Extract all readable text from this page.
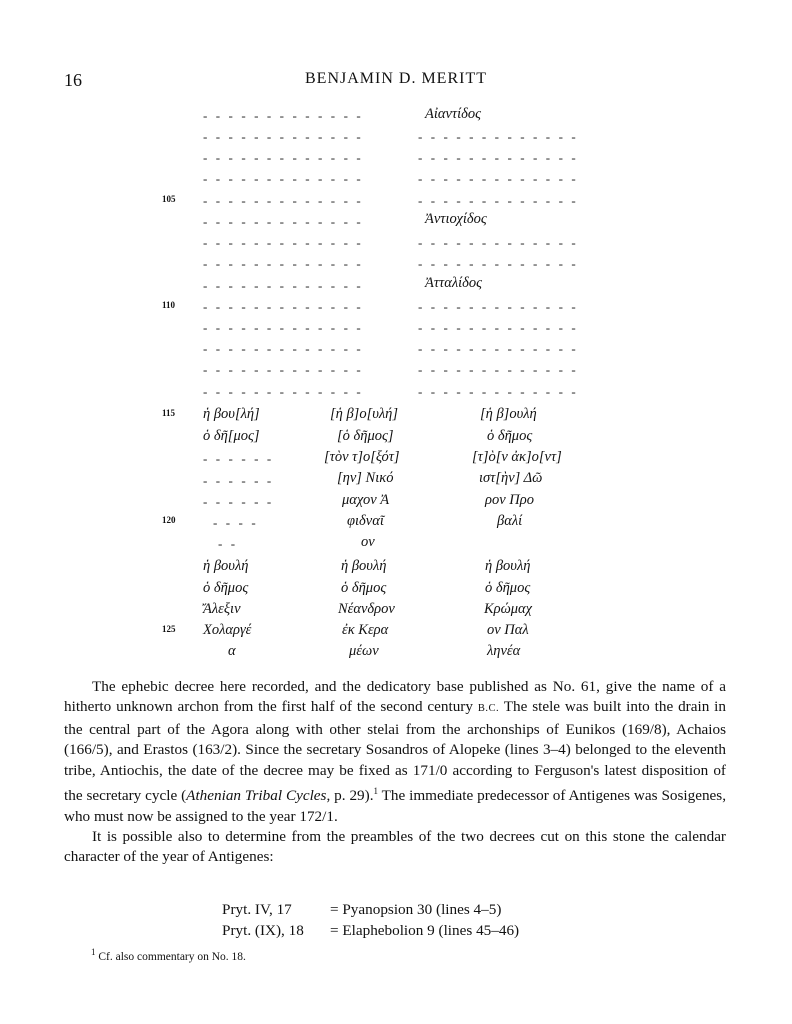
16	BENJAMIN D. MERITT
105
110
115
120
125
- - - - - - - - - - - - -
- - - - - - - - - - - - -
- - - - - - - - - - - - -
- - - - - - - - - - - - -
- - - - - - - - - - - - -
- - - - - - - - - - - - -
- - - - - - - - - - - - -
- - - - - - - - - - - - -
- - - - - - - - - - - - -
- - - - - - - - - - - - -
- - - - - - - - - - - - -
- - - - - - - - - - - - -
- - - - - - - - - - - - -
- - - - - - - - - - - - -
Αἰαντίδος
- - - - - - - - - - - - -
- - - - - - - - - - - - -
- - - - - - - - - - - - -
- - - - - - - - - - - - -
Ἀντιοχίδος
- - - - - - - - - - - - -
- - - - - - - - - - - - -
Ἀτταλίδος
- - - - - - - - - - - - -
- - - - - - - - - - - - -
- - - - - - - - - - - - -
- - - - - - - - - - - - -
- - - - - - - - - - - - -
ἡ βου[λή]
ὁ δῆ[μος]
- - - - - -
- - - - - -
- - - - - -
- - - -
- -
ἡ βουλή
ὁ δῆμος
Ἄλεξιν
Χολαργέ
α
[ἡ β]ο[υλή]
[ὁ δῆμος]
[τὸν τ]ο[ξότ]
[ην] Νικό
μαχον Ἀ
φιδναῖ
ον
ἡ βουλή
ὁ δῆμος
Νέανδρον
ἐκ Κερα
μέων
[ἡ β]ουλή
ὁ δῆμος
[τ]ὸ[ν ἀκ]ο[ντ]
ιστ[ὴν] Δῶ
ρον Προ
βαλί
ἡ βουλή
ὁ δῆμος
Κρώμαχ
ον Παλ
ληνέα

The ephebic decree here recorded, and the dedicatory base published as No. 61, give the name of a hitherto unknown archon from the first half of the second century B.C. The stele was built into the drain in the central part of the Agora along with other stelai from the archonships of Eunikos (169/8), Achaios (166/5), and Erastos (163/2). Since the secretary Sosandros of Alopeke (lines 3–4) belonged to the eleventh tribe, Antiochis, the date of the decree may be fixed as 171/0 according to Ferguson's latest disposition of the secretary cycle (Athenian Tribal Cycles, p. 29).$^1$ The immediate predecessor of Antigenes was Sosigenes, who must now be assigned to the year 172/1.

It is possible also to determine from the preambles of the two decrees cut on this stone the calendar character of the year of Antigenes:

Pryt. IV, 17	= Pyanopsion 30 (lines 4–5)
Pryt. (IX), 18 = Elaphebolion 9 (lines 45–46)
$^1$ Cf. also commentary on No. 18.
